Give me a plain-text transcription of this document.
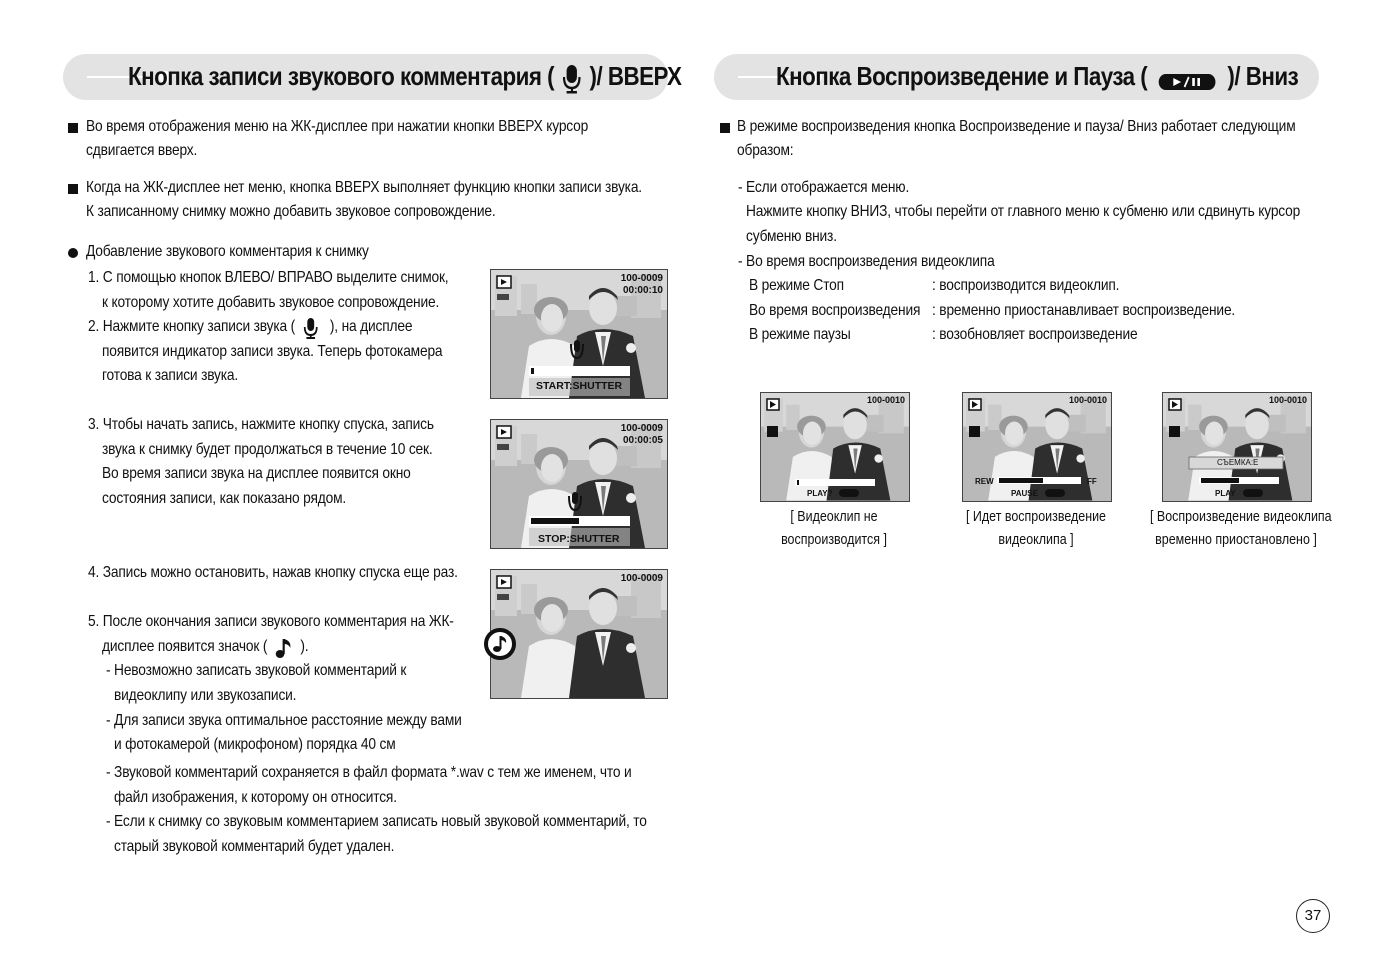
Кнопка записи звукового комментария ( )/ ВВЕРХ	Кнопка Воспроизведение и Пауза (	)/ Вниз
Во время отображения меню на ЖК-дисплее при нажатии кнопки ВВЕРХ курсор
сдвигается вверх.
Когда на ЖК-дисплее нет меню, кнопка ВВЕРХ выполняет функцию кнопки записи звука.
К записанному снимку можно добавить звуковое сопровождение.
Добавление звукового комментария к снимку
1. С помощью кнопок ВЛЕВО/ ВПРАВО выделите снимок,
к которому хотите добавить звуковое сопровождение.
2. Нажмите кнопку записи звука ( ), на дисплее
появится индикатор записи звука. Теперь фотокамера
готова к записи звука.
3. Чтобы начать запись, нажмите кнопку спуска, запись
звука к снимку будет продолжаться в течение 10 сек.
Во время записи звука на дисплее появится окно
состояния записи, как показано рядом.
4. Запись можно остановить, нажав кнопку спуска еще раз.
5. После окончания записи звукового комментария на ЖК-
дисплее появится значок ( ).
- Невозможно записать звуковой комментарий к
видеоклипу или звукозаписи.
- Для записи звука оптимальное расстояние между вами
и фотокамерой (микрофоном) порядка 40 см
- Звуковой комментарий сохраняется в файл формата *.wav с тем же именем, что и
файл изображения, к которому он относится.
- Если к снимку со звуковым комментарием записать новый звуковой комментарий, то
старый звуковой комментарий будет удален.
100-0009
00:00:10
START:SHUTTER
100-0009
00:00:05
STOP:SHUTTER
100-0009
В режиме воспроизведения кнопка Воспроизведение и пауза/ Вниз работает следующим
образом:
- Если отображается меню.
Нажмите кнопку ВНИЗ, чтобы перейти от главного меню к субменю или сдвинуть курсор
субменю вниз.
- Во время воспроизведения видеоклипа
В режиме Стоп	: воспроизводится видеоклип.
Во время воспроизведения : временно приостанавливает воспроизведение.
В режиме паузы	: возобновляет воспроизведение
100-0010
PLAY?
[ Видеоклип не
воспроизводится ]
100-0010
REW	FF
PAUSE
[ Идет воспроизведение
видеоклипа ]
100-0010
СЪЕМКА:Е
PLAY
[ Воспроизведение видеоклипа
временно приостановлено ]
37
